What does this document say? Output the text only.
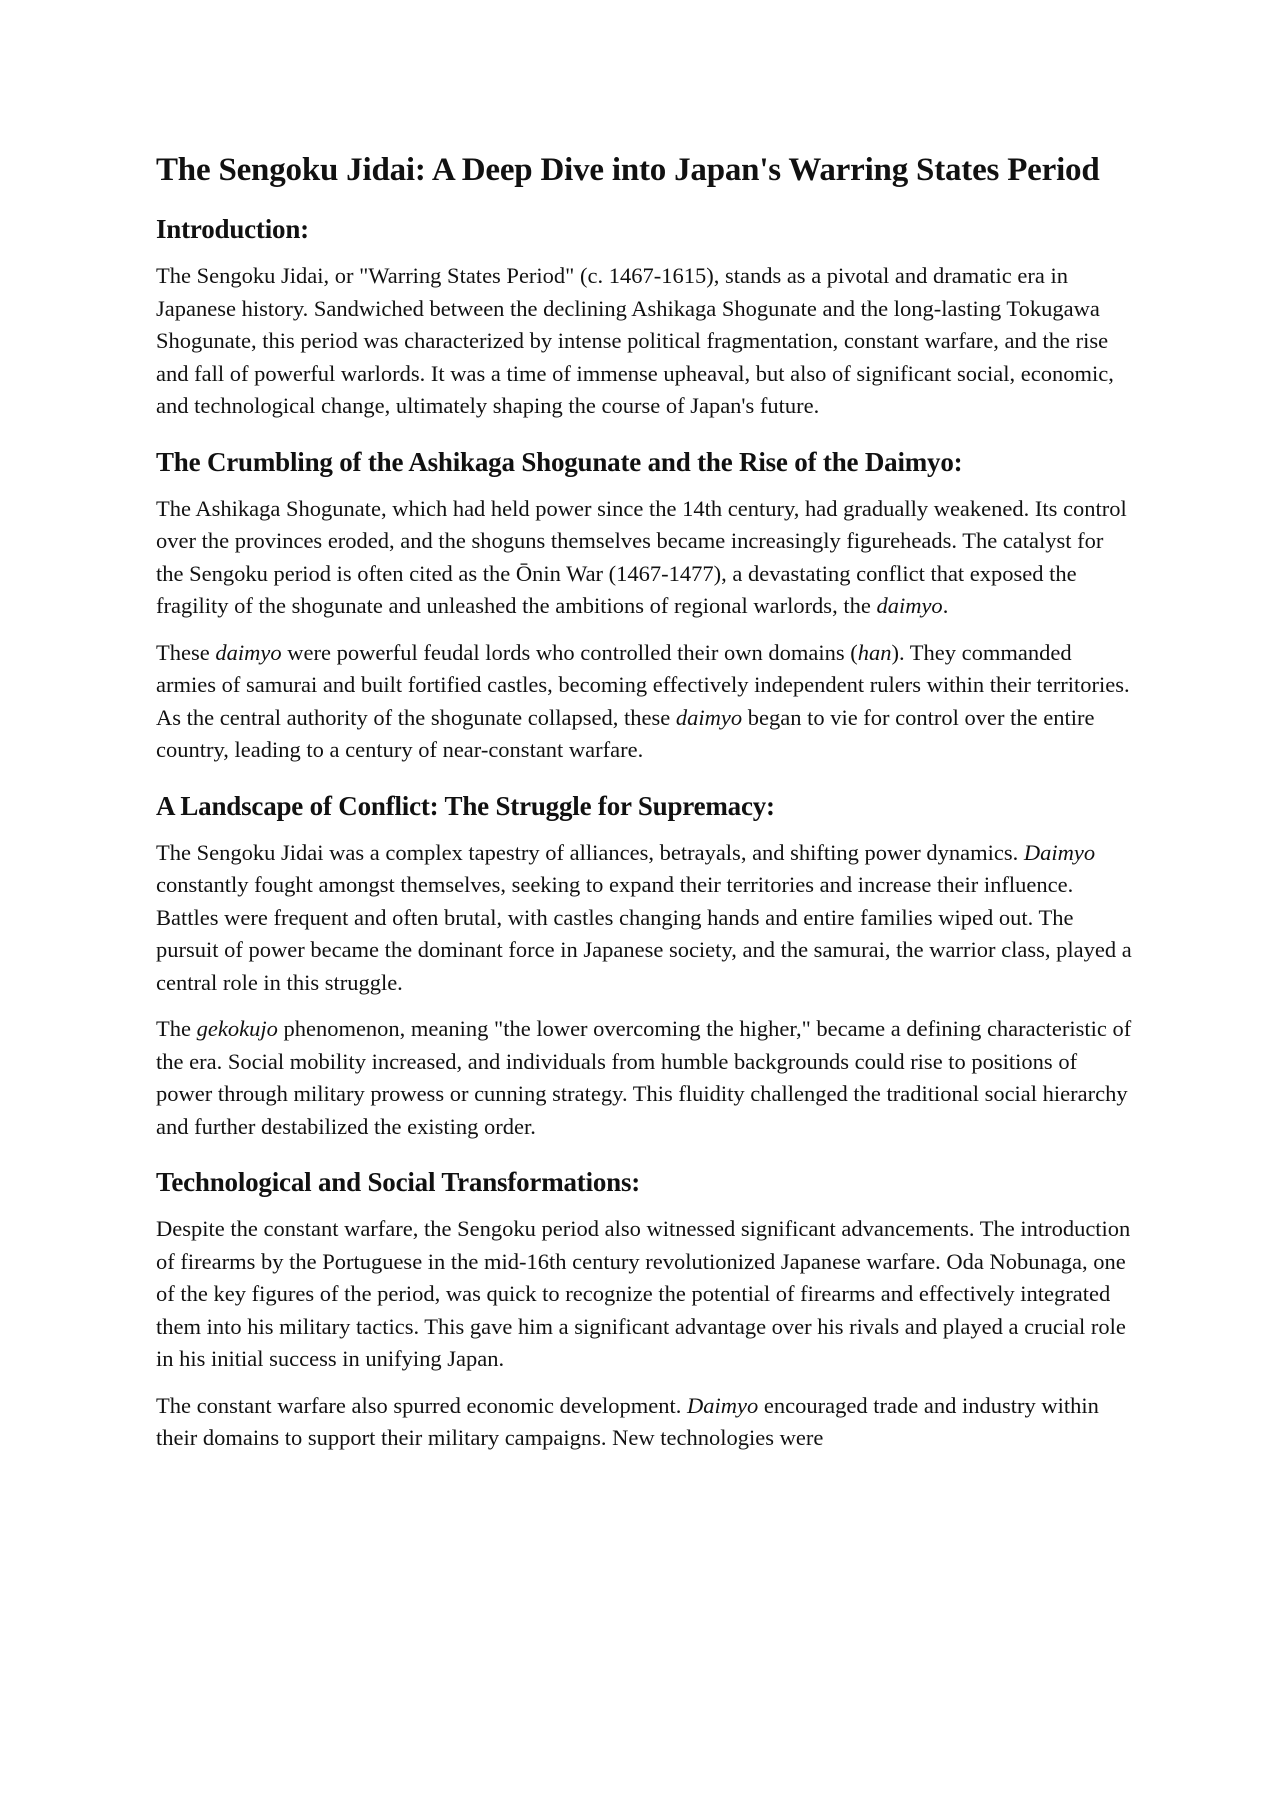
The Sengoku Jidai: A Deep Dive into Japan's Warring States Period
Introduction:

The Sengoku Jidai, or "Warring States Period" (c. 1467-1615), stands as a pivotal and dramatic era in Japanese history. Sandwiched between the declining Ashikaga Shogunate and the long-lasting Tokugawa Shogunate, this period was characterized by intense political fragmentation, constant warfare, and the rise and fall of powerful warlords. It was a time of immense upheaval, but also of significant social, economic, and technological change, ultimately shaping the course of Japan's future.

The Crumbling of the Ashikaga Shogunate and the Rise of the Daimyo:

The Ashikaga Shogunate, which had held power since the 14th century, had gradually weakened. Its control over the provinces eroded, and the shoguns themselves became increasingly figureheads. The catalyst for the Sengoku period is often cited as the Ōnin War (1467-1477), a devastating conflict that exposed the fragility of the shogunate and unleashed the ambitions of regional warlords, the daimyo.

These daimyo were powerful feudal lords who controlled their own domains (han). They commanded armies of samurai and built fortified castles, becoming effectively independent rulers within their territories. As the central authority of the shogunate collapsed, these daimyo began to vie for control over the entire country, leading to a century of near-constant warfare.

A Landscape of Conflict: The Struggle for Supremacy:

The Sengoku Jidai was a complex tapestry of alliances, betrayals, and shifting power dynamics. Daimyo constantly fought amongst themselves, seeking to expand their territories and increase their influence. Battles were frequent and often brutal, with castles changing hands and entire families wiped out. The pursuit of power became the dominant force in Japanese society, and the samurai, the warrior class, played a central role in this struggle.

The gekokujo phenomenon, meaning "the lower overcoming the higher," became a defining characteristic of the era. Social mobility increased, and individuals from humble backgrounds could rise to positions of power through military prowess or cunning strategy. This fluidity challenged the traditional social hierarchy and further destabilized the existing order.

Technological and Social Transformations:

Despite the constant warfare, the Sengoku period also witnessed significant advancements. The introduction of firearms by the Portuguese in the mid-16th century revolutionized Japanese warfare. Oda Nobunaga, one of the key figures of the period, was quick to recognize the potential of firearms and effectively integrated them into his military tactics. This gave him a significant advantage over his rivals and played a crucial role in his initial success in unifying Japan.

The constant warfare also spurred economic development. Daimyo encouraged trade and industry within their domains to support their military campaigns. New technologies were
